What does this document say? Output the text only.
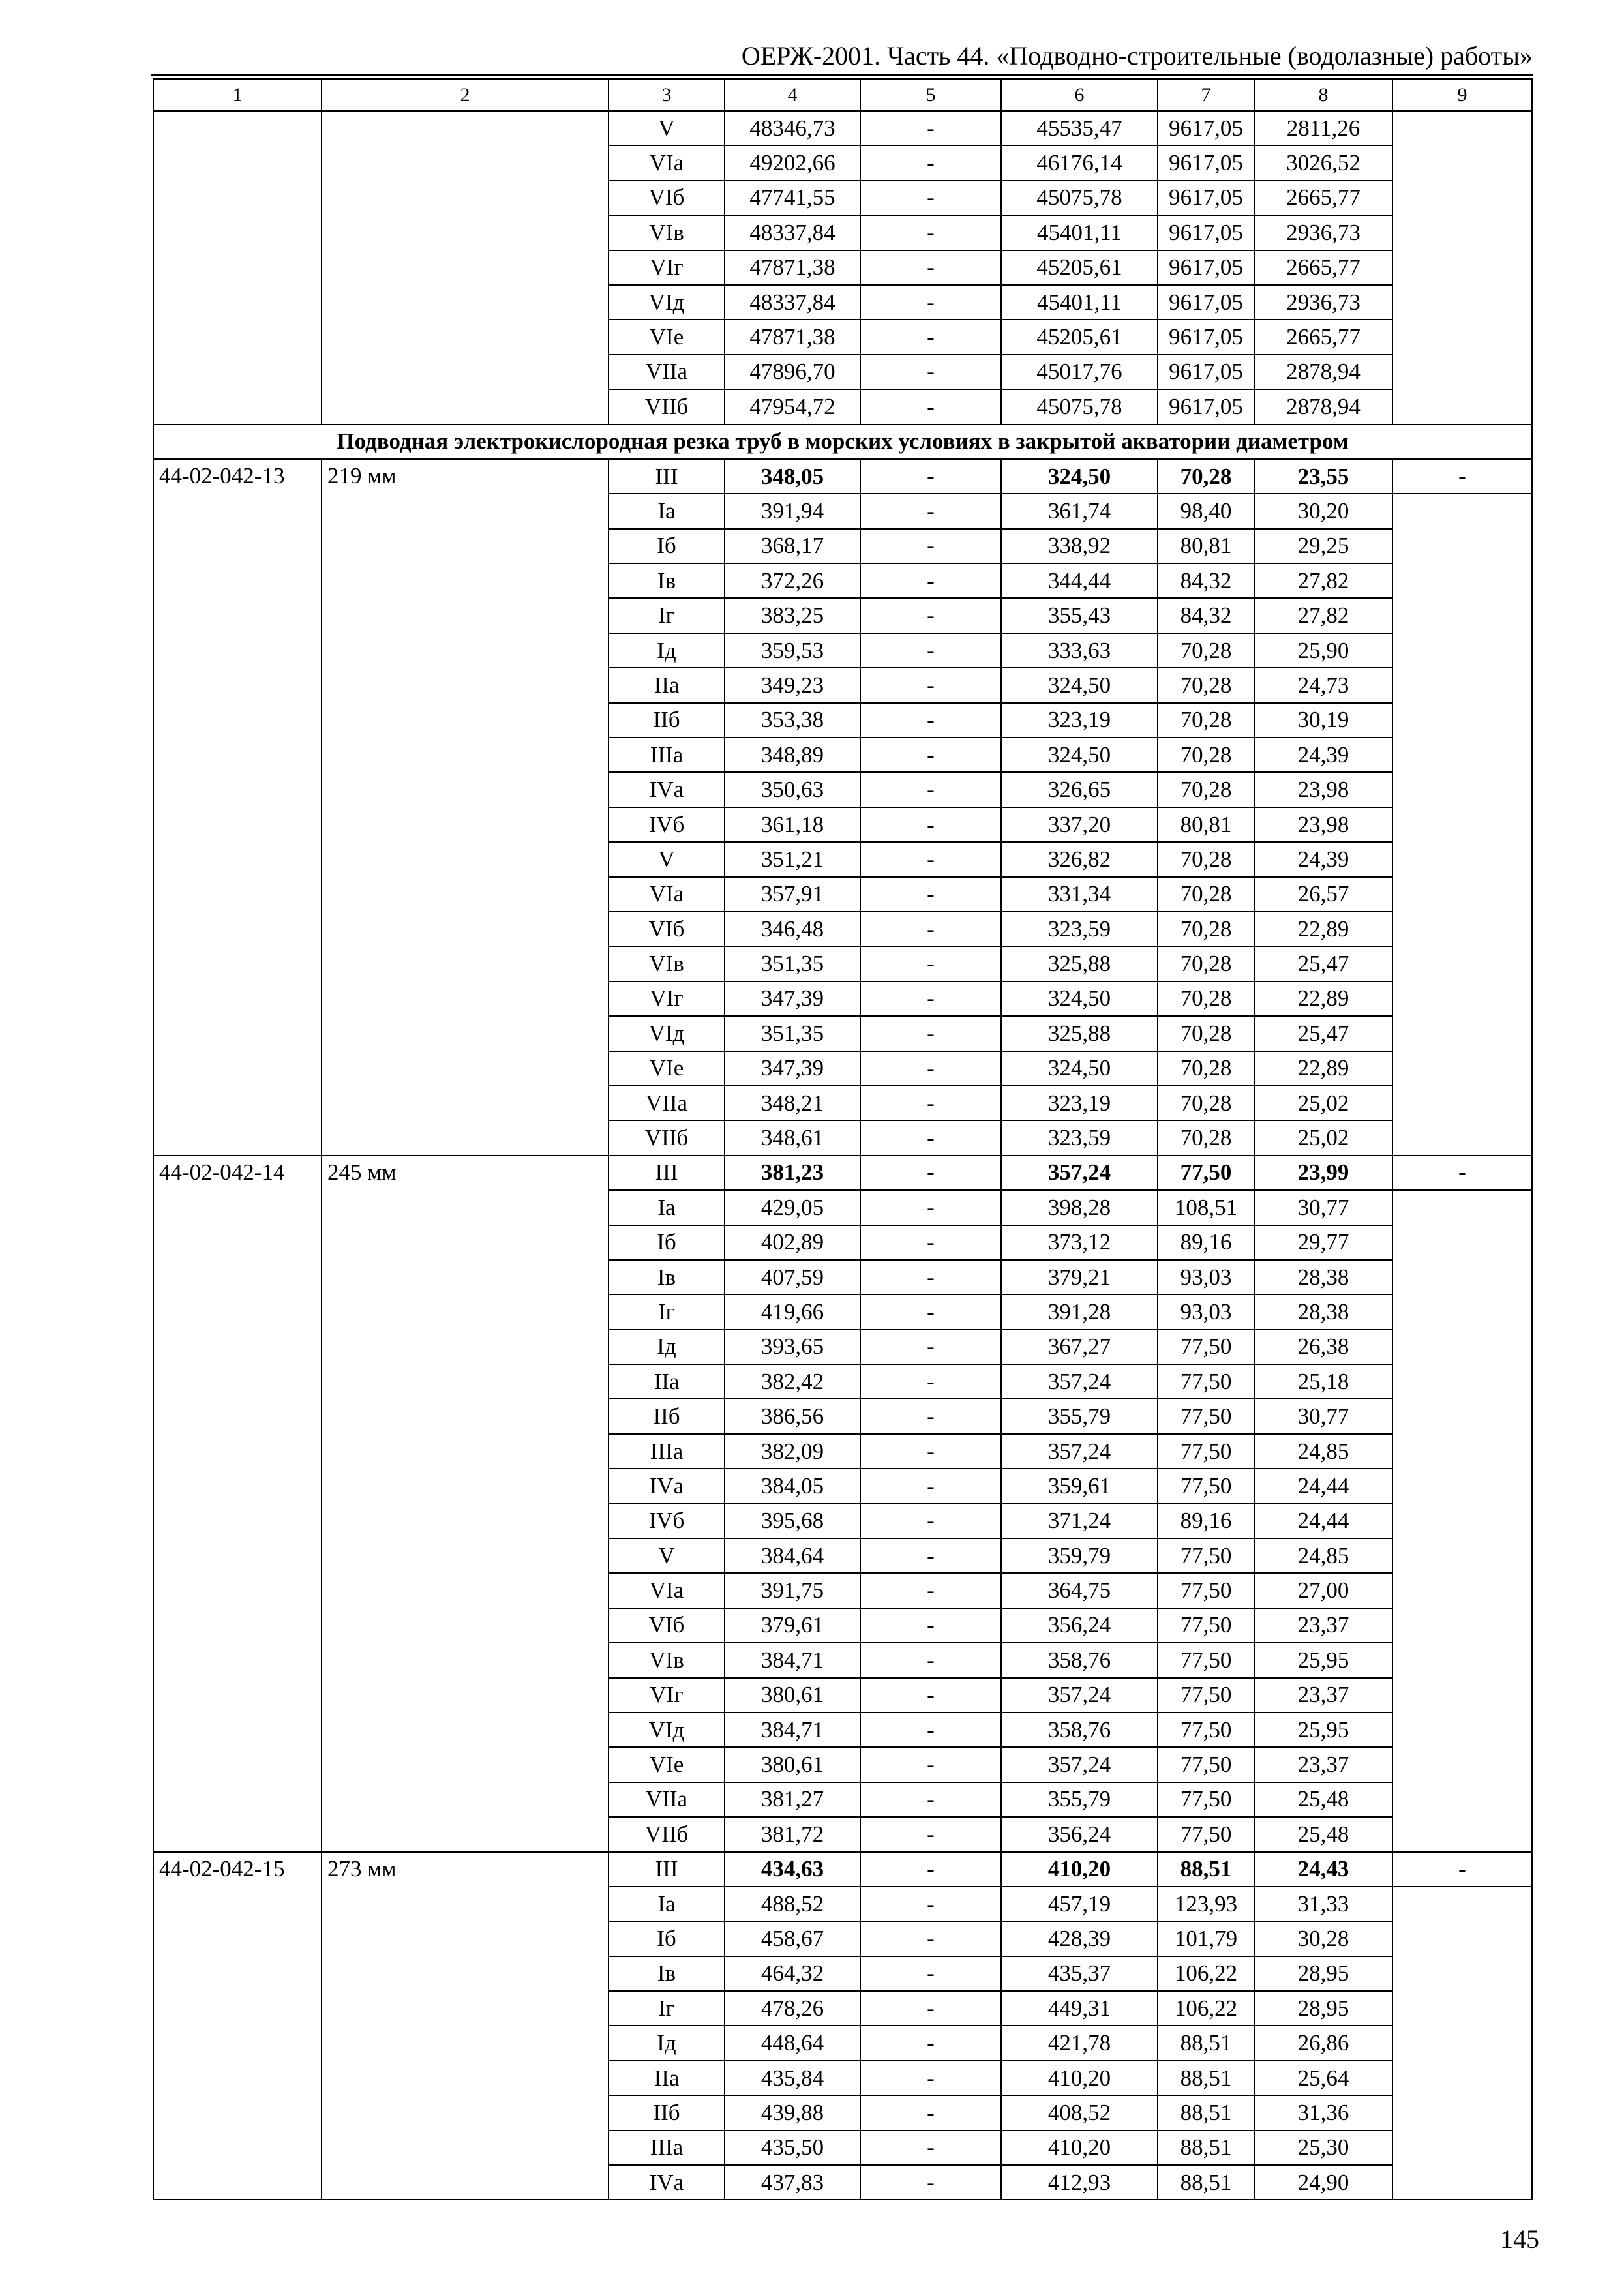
ОЕРЖ-2001. Часть 44. «Подводно-строительные (водолазные) работы»
1	2	3	4	5	6	7	8	9
		V	48346,73	-	45535,47	9617,05	2811,26	
		VIа	49202,66	-	46176,14	9617,05	3026,52	
		VIб	47741,55	-	45075,78	9617,05	2665,77	
		VIв	48337,84	-	45401,11	9617,05	2936,73	
		VIг	47871,38	-	45205,61	9617,05	2665,77	
		VIд	48337,84	-	45401,11	9617,05	2936,73	
		VIе	47871,38	-	45205,61	9617,05	2665,77	
		VIIа	47896,70	-	45017,76	9617,05	2878,94	
		VIIб	47954,72	-	45075,78	9617,05	2878,94	
Подводная электрокислородная резка труб в морских условиях в закрытой акватории диаметром								
44-02-042-13	219 мм	III	348,05	-	324,50	70,28	23,55	-
		Iа	391,94	-	361,74	98,40	30,20	
		Iб	368,17	-	338,92	80,81	29,25	
		Iв	372,26	-	344,44	84,32	27,82	
		Iг	383,25	-	355,43	84,32	27,82	
		Iд	359,53	-	333,63	70,28	25,90	
		IIа	349,23	-	324,50	70,28	24,73	
		IIб	353,38	-	323,19	70,28	30,19	
		IIIа	348,89	-	324,50	70,28	24,39	
		IVа	350,63	-	326,65	70,28	23,98	
		IVб	361,18	-	337,20	80,81	23,98	
		V	351,21	-	326,82	70,28	24,39	
		VIа	357,91	-	331,34	70,28	26,57	
		VIб	346,48	-	323,59	70,28	22,89	
		VIв	351,35	-	325,88	70,28	25,47	
		VIг	347,39	-	324,50	70,28	22,89	
		VIд	351,35	-	325,88	70,28	25,47	
		VIе	347,39	-	324,50	70,28	22,89	
		VIIа	348,21	-	323,19	70,28	25,02	
		VIIб	348,61	-	323,59	70,28	25,02	
44-02-042-14	245 мм	III	381,23	-	357,24	77,50	23,99	-
		Iа	429,05	-	398,28	108,51	30,77	
		Iб	402,89	-	373,12	89,16	29,77	
		Iв	407,59	-	379,21	93,03	28,38	
		Iг	419,66	-	391,28	93,03	28,38	
		Iд	393,65	-	367,27	77,50	26,38	
		IIа	382,42	-	357,24	77,50	25,18	
		IIб	386,56	-	355,79	77,50	30,77	
		IIIа	382,09	-	357,24	77,50	24,85	
		IVа	384,05	-	359,61	77,50	24,44	
		IVб	395,68	-	371,24	89,16	24,44	
		V	384,64	-	359,79	77,50	24,85	
		VIа	391,75	-	364,75	77,50	27,00	
		VIб	379,61	-	356,24	77,50	23,37	
		VIв	384,71	-	358,76	77,50	25,95	
		VIг	380,61	-	357,24	77,50	23,37	
		VIд	384,71	-	358,76	77,50	25,95	
		VIе	380,61	-	357,24	77,50	23,37	
		VIIа	381,27	-	355,79	77,50	25,48	
		VIIб	381,72	-	356,24	77,50	25,48	
44-02-042-15	273 мм	III	434,63	-	410,20	88,51	24,43	-
		Iа	488,52	-	457,19	123,93	31,33	
		Iб	458,67	-	428,39	101,79	30,28	
		Iв	464,32	-	435,37	106,22	28,95	
		Iг	478,26	-	449,31	106,22	28,95	
		Iд	448,64	-	421,78	88,51	26,86	
		IIа	435,84	-	410,20	88,51	25,64	
		IIб	439,88	-	408,52	88,51	31,36	
		IIIа	435,50	-	410,20	88,51	25,30	
		IVа	437,83	-	412,93	88,51	24,90	
145
